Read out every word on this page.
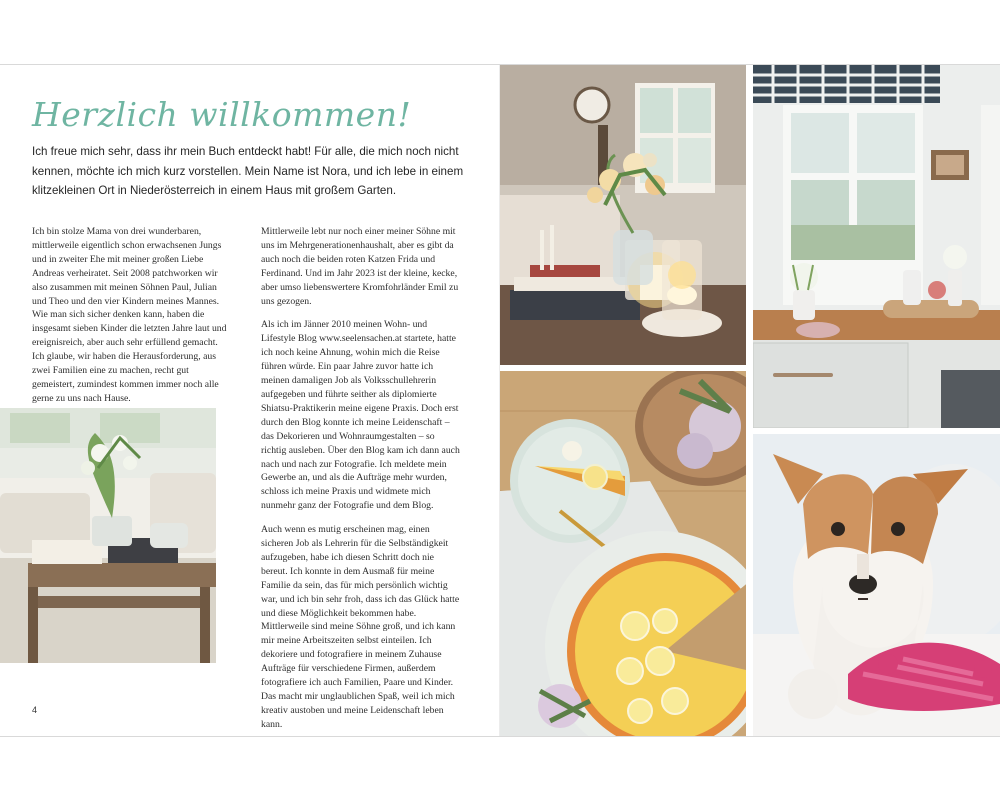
Herzlich willkommen!

Ich freue mich sehr, dass ihr mein Buch entdeckt habt! Für alle, die mich noch nicht kennen, möchte ich mich kurz vorstellen. Mein Name ist Nora, und ich lebe in einem klitzekleinen Ort in Niederösterreich in einem Haus mit großem Garten.

Ich bin stolze Mama von drei wunderbaren, mittlerweile eigentlich schon erwachsenen Jungs und in zweiter Ehe mit meiner großen Liebe Andreas verheiratet. Seit 2008 patchworken wir also zusammen mit meinen Söhnen Paul, Julian und Theo und den vier Kindern meines Mannes. Wie man sich sicher denken kann, haben die insgesamt sieben Kinder die letzten Jahre laut und ereignisreich, aber auch sehr erfüllend gemacht. Ich glaube, wir haben die Herausforderung, aus zwei Familien eine zu machen, recht gut gemeistert, zumindest kommen immer noch alle gerne zu uns nach Hause.

Mittlerweile lebt nur noch einer meiner Söhne mit uns im Mehrgenerationenhaushalt, aber es gibt da auch noch die beiden roten Katzen Frida und Ferdinand. Und im Jahr 2023 ist der kleine, kecke, aber umso liebenswertere Kromfohrländer Emil zu uns gezogen.

Als ich im Jänner 2010 meinen Wohn- und Lifestyle Blog www.seelensachen.at startete, hatte ich noch keine Ahnung, wohin mich die Reise führen würde. Ein paar Jahre zuvor hatte ich meinen damaligen Job als Volksschullehrerin aufgegeben und führte seither als diplomierte Shiatsu-Praktikerin meine eigene Praxis. Doch erst durch den Blog konnte ich meine Leidenschaft – das Dekorieren und Wohnraumgestalten – so richtig ausleben. Über den Blog kam ich dann auch nach und nach zur Fotografie. Ich meldete mein Gewerbe an, und als die Aufträge mehr wurden, schloss ich meine Praxis und widmete mich nunmehr ganz der Fotografie und dem Blog.

Auch wenn es mutig erscheinen mag, einen sicheren Job als Lehrerin für die Selbständigkeit aufzugeben, habe ich diesen Schritt doch nie bereut. Ich konnte in dem Ausmaß für meine Familie da sein, das für mich persönlich wichtig war, und ich bin sehr froh, dass ich das Glück hatte und diese Möglichkeit bekommen habe. Mittlerweile sind meine Söhne groß, und ich kann mir meine Arbeitszeiten selbst einteilen. Ich dekoriere und fotografiere in meinem Zuhause Aufträge für verschiedene Firmen, außerdem fotografiere ich auch Familien, Paare und Kinder. Das macht mir unglaublichen Spaß, weil ich mich kreativ austoben und meine Leidenschaft leben kann.

4
